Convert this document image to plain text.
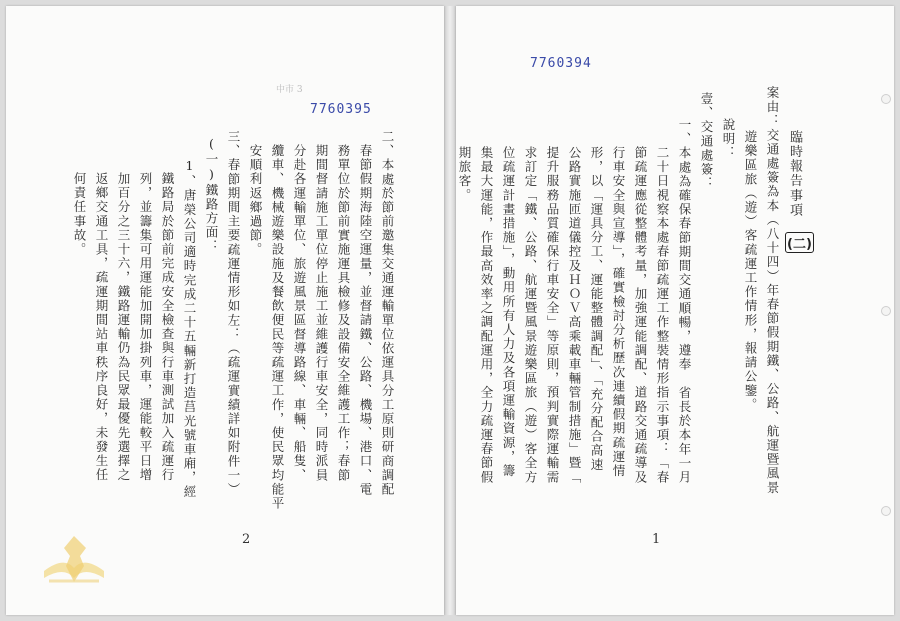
7760395
中市 3
二、本處於節前邀集交通運輸單位依運具分工原則研商調配
春節假期海陸空運量，並督請鐵、公路、機場、港口、電
務單位於節前實施運具檢修及設備安全維護工作；春節
期間督請施工單位停止施工並維護行車安全，同時派員
分赴各運輸單位、旅遊風景區督導路線、車輛、船隻、
纜車、機械遊樂設施及餐飲便民等疏運工作，使民眾均能平
安順利返鄉過節。
三、春節期間主要疏運情形如左：（疏運實績詳如附件一）
(一)鐵路方面：
1、唐榮公司適時完成二十五輛新打造莒光號車廂，經
鐵路局於節前完成安全檢查與行車測試加入疏運行
列，並籌集可用運能加開加掛列車，運能較平日增
加百分之三十六，鐵路運輸仍為民眾最優先選擇之
返鄉交通工具，疏運期間站車秩序良好，未發生任
何責任事故。
2
7760394
臨時報告事項
案由：交通處簽為本（八十四）年春節假期鐵、公路、航運暨風景
遊樂區旅（遊）客疏運工作情形，報請公鑒。
說明：
壹、交通處簽：
一、本處為確保春節期間交通順暢，遵奉　省長於本年一月
二十日視察本處春節疏運工作整裝情形指示事項：「春
節疏運應從整體考量，加強運能調配、道路交通疏導及
行車安全與宣導」，確實檢討分析歷次連續假期疏運情
形，以「運具分工、運能整體調配」、「充分配合高速
公路實施匝道儀控及ＨＯＶ高乘載車輛管制措施」暨「
提升服務品質確保行車安全」等原則，預判實際運輸需
求訂定「鐵、公路、航運暨風景遊樂區旅（遊）客全方
位疏運計畫措施」，動用所有人力及各項運輸資源，籌
集最大運能，作最高效率之調配運用，全力疏運春節假
期旅客。
(二)
1
